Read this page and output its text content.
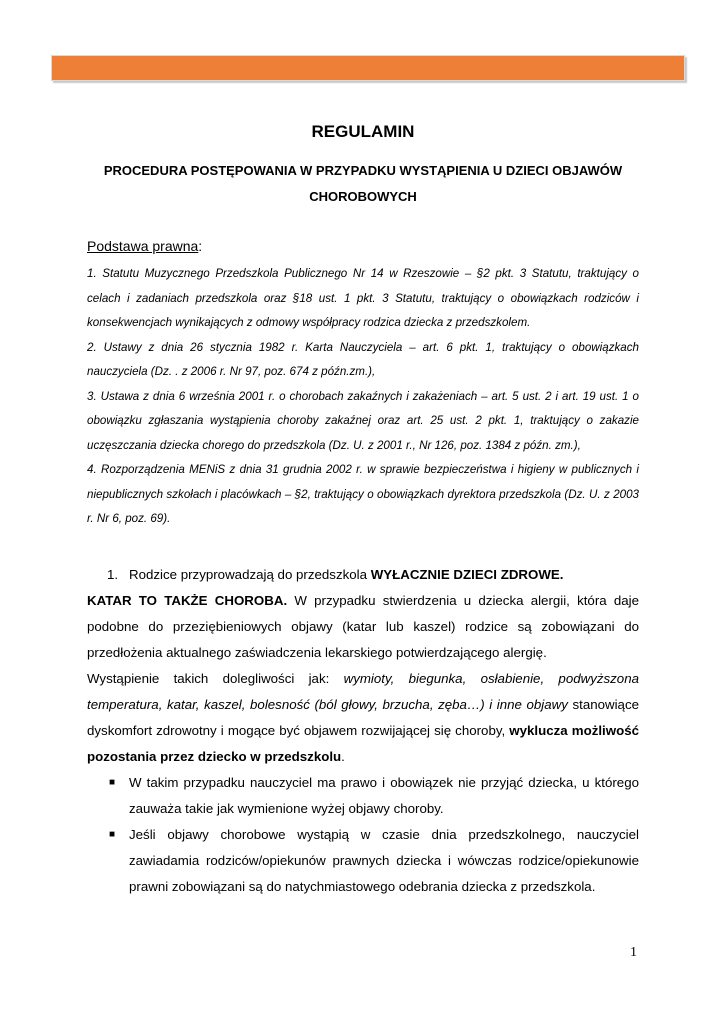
REGULAMIN
PROCEDURA POSTĘPOWANIA W PRZYPADKU WYSTĄPIENIA U DZIECI OBJAWÓW CHOROBOWYCH
Podstawa prawna:

1. Statutu Muzycznego Przedszkola Publicznego Nr 14 w Rzeszowie – §2 pkt. 3 Statutu, traktujący o celach i zadaniach przedszkola oraz §18 ust. 1 pkt. 3 Statutu, traktujący o obowiązkach rodziców i konsekwencjach wynikających z odmowy współpracy rodzica dziecka z przedszkolem.

2. Ustawy z dnia 26 stycznia 1982 r. Karta Nauczyciela – art. 6 pkt. 1, traktujący o obowiązkach nauczyciela (Dz. . z 2006 r. Nr 97, poz. 674 z późn.zm.),

3. Ustawa z dnia 6 września 2001 r. o chorobach zakaźnych i zakażeniach – art. 5 ust. 2 i art. 19 ust. 1 o obowiązku zgłaszania wystąpienia choroby zakaźnej oraz art. 25 ust. 2 pkt. 1, traktujący o zakazie uczęszczania dziecka chorego do przedszkola (Dz. U. z 2001 r., Nr 126, poz. 1384 z późn. zm.),

4. Rozporządzenia MENiS z dnia 31 grudnia 2002 r. w sprawie bezpieczeństwa i higieny w publicznych i niepublicznych szkołach i placówkach – §2, traktujący o obowiązkach dyrektora przedszkola (Dz. U. z 2003 r. Nr 6, poz. 69).

1. Rodzice przyprowadzają do przedszkola WYŁACZNIE DZIECI ZDROWE.

KATAR TO TAKŻE CHOROBA. W przypadku stwierdzenia u dziecka alergii, która daje podobne do przeziębieniowych objawy (katar lub kaszel) rodzice są zobowiązani do przedłożenia aktualnego zaświadczenia lekarskiego potwierdzającego alergię.

Wystąpienie takich dolegliwości jak: wymioty, biegunka, osłabienie, podwyższona temperatura, katar, kaszel, bolesność (ból głowy, brzucha, zęba…) i inne objawy stanowiące dyskomfort zdrowotny i mogące być objawem rozwijającej się choroby, wyklucza możliwość pozostania przez dziecko w przedszkolu.

■ W takim przypadku nauczyciel ma prawo i obowiązek nie przyjąć dziecka, u którego zauważa takie jak wymienione wyżej objawy choroby.
■ Jeśli objawy chorobowe wystąpią w czasie dnia przedszkolnego, nauczyciel zawiadamia rodziców/opiekunów prawnych dziecka i wówczas rodzice/opiekunowie prawni zobowiązani są do natychmiastowego odebrania dziecka z przedszkola.
1
